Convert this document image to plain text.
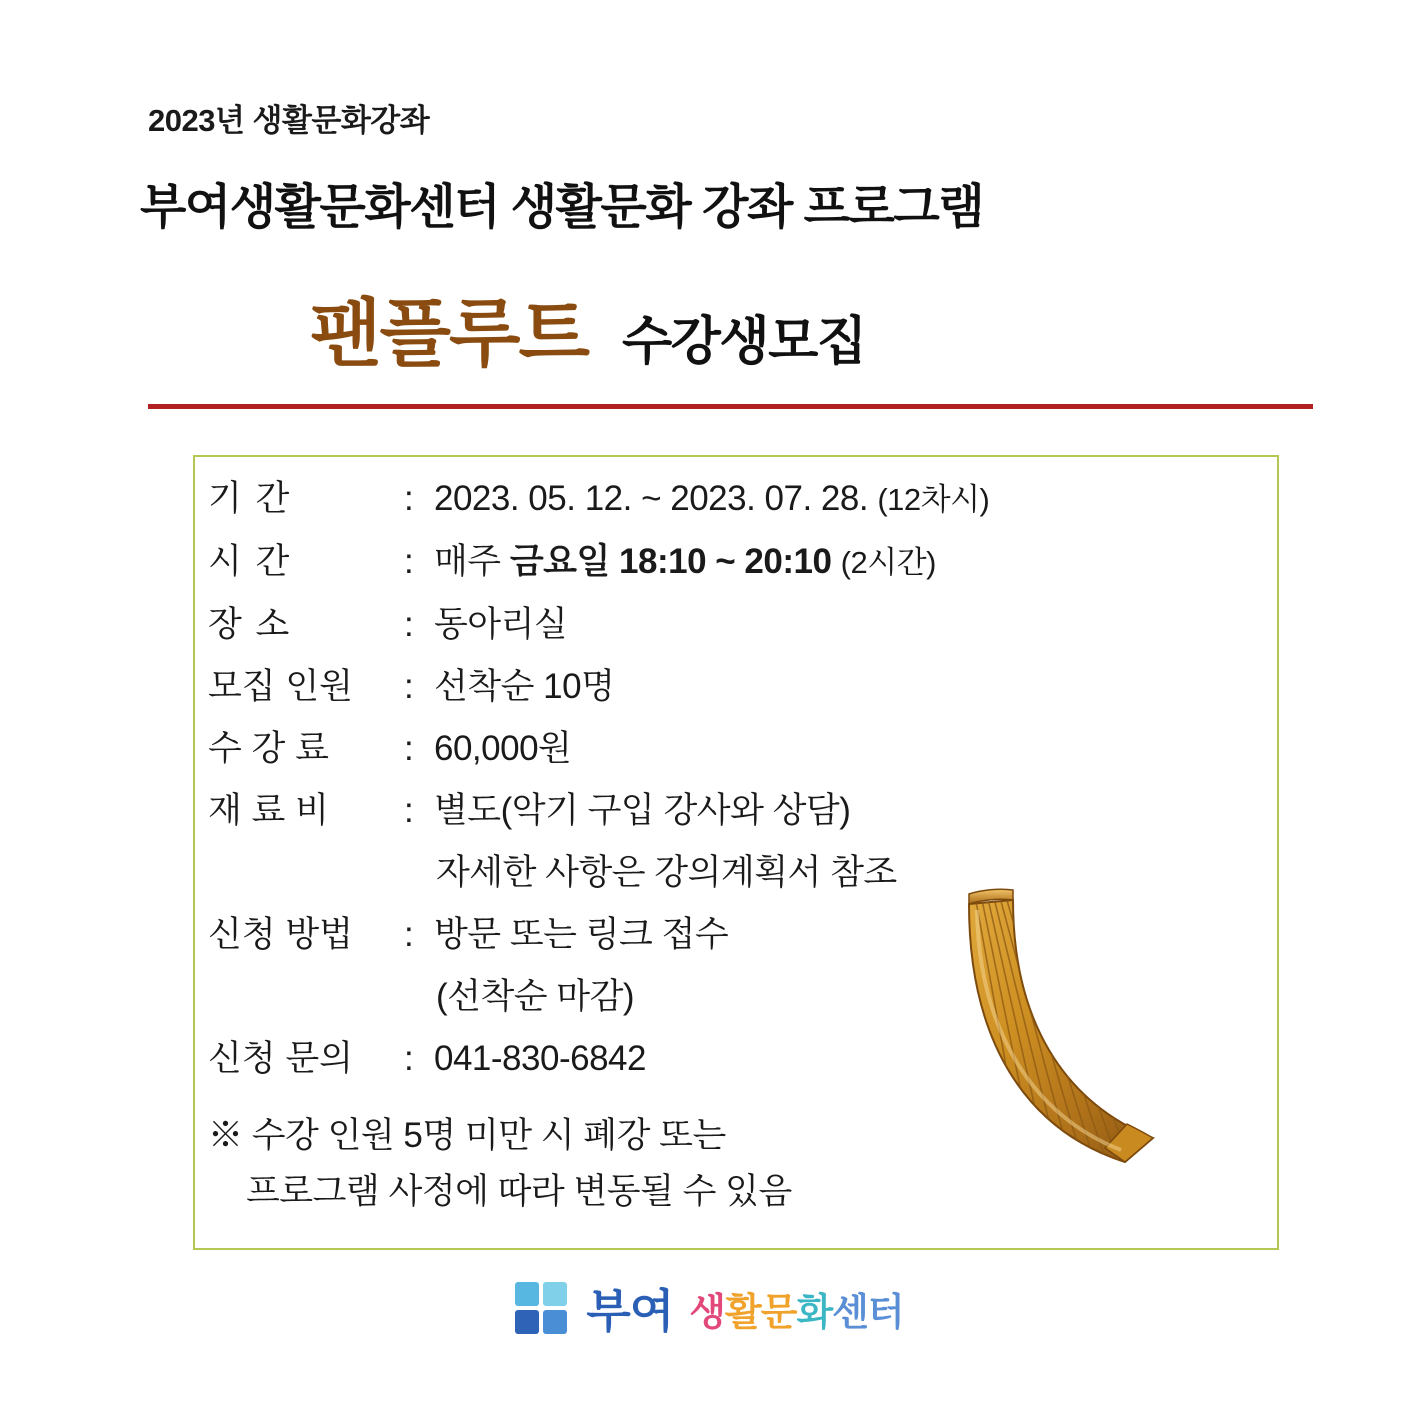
2023년 생활문화강좌
부여생활문화센터 생활문화 강좌 프로그램
팬플루트 수강생모집
기 간	: 2023. 05. 12. ~ 2023. 07. 28. (12차시)
시 간	: 매주 금요일 18:10 ~ 20:10 (2시간)
장 소	: 동아리실
모집 인원	: 선착순 10명
수 강 료	: 60,000원
재 료 비	: 별도(악기 구입 강사와 상담)
자세한 사항은 강의계획서 참조
신청 방법	: 방문 또는 링크 접수
(선착순 마감)
신청 문의	: 041-830-6842
※ 수강 인원 5명 미만 시 폐강 또는
프로그램 사정에 따라 변동될 수 있음
부여 생활문화센터
